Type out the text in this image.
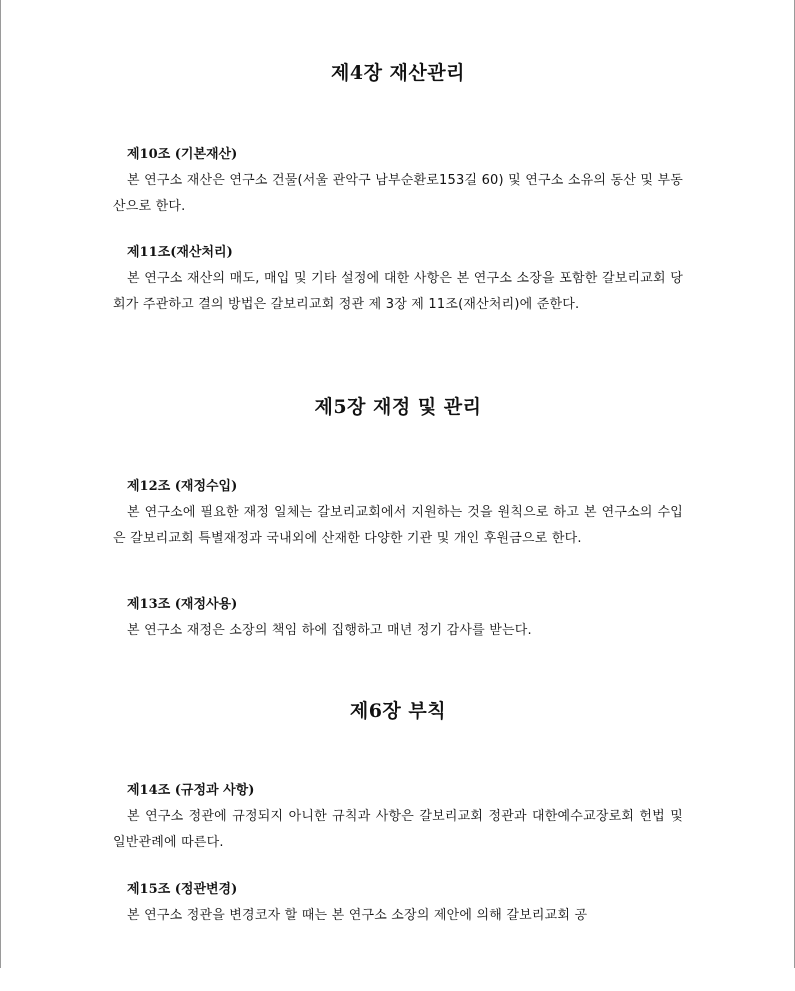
제4장 재산관리
제10조 (기본재산)

본 연구소 재산은 연구소 건물(서울 관악구 남부순환로153길 60) 및 연구소 소유의 동산 및 부동산으로 한다.

제11조(재산처리)

본 연구소 재산의 매도, 매입 및 기타 설정에 대한 사항은 본 연구소 소장을 포함한 갈보리교회 당회가 주관하고 결의 방법은 갈보리교회 정관 제 3장 제 11조(재산처리)에 준한다.

제5장 재정 및 관리
제12조 (재정수입)

본 연구소에 필요한 재정 일체는 갈보리교회에서 지원하는 것을 원칙으로 하고 본 연구소의 수입은 갈보리교회 특별재정과 국내외에 산재한 다양한 기관 및 개인 후원금으로 한다.

제13조 (재정사용)

본 연구소 재정은 소장의 책임 하에 집행하고 매년 정기 감사를 받는다.

제6장 부칙
제14조 (규정과 사항)

본 연구소 정관에 규정되지 아니한 규칙과 사항은 갈보리교회 정관과 대한예수교장로회 헌법 및 일반관례에 따른다.

제15조 (정관변경)

본 연구소 정관을 변경코자 할 때는 본 연구소 소장의 제안에 의해 갈보리교회 공
